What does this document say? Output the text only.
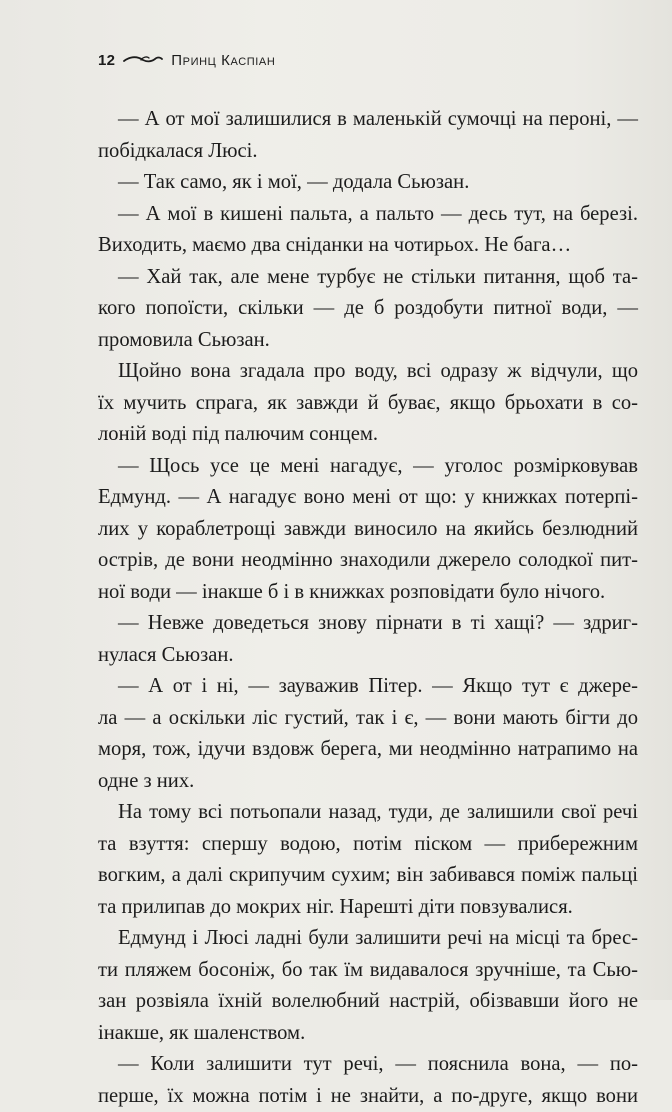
12	Принц Каспіан
— А от мої залишилися в маленькій сумочці на пероні, —
побідкалася Люсі.
— Так само, як і мої, — додала Сьюзан.
— А мої в кишені пальта, а пальто — десь тут, на березі.
Виходить, маємо два сніданки на чотирьох. Не бага…
— Хай так, але мене турбує не стільки питання, щоб та-
кого попоїсти, скільки — де б роздобути питної води, —
промовила Сьюзан.
Щойно вона згадала про воду, всі одразу ж відчули, що
їх мучить спрага, як завжди й буває, якщо брьохати в со-
лоній воді під палючим сонцем.
— Щось усе це мені нагадує, — уголос розмірковував
Едмунд. — А нагадує воно мені от що: у книжках потерпі-
лих у кораблетрощі завжди виносило на якийсь безлюдний
острів, де вони неодмінно знаходили джерело солодкої пит-
ної води — інакше б і в книжках розповідати було нічого.
— Невже доведеться знову пірнати в ті хащі? — здриг-
нулася Сьюзан.
— А от і ні, — зауважив Пітер. — Якщо тут є джере-
ла — а оскільки ліс густий, так і є, — вони мають бігти до
моря, тож, ідучи вздовж берега, ми неодмінно натрапимо на
одне з них.
На тому всі потьопали назад, туди, де залишили свої речі
та взуття: спершу водою, потім піском — прибережним
вогким, а далі скрипучим сухим; він забивався поміж пальці
та прилипав до мокрих ніг. Нарешті діти повзувалися.
Едмунд і Люсі ладні були залишити речі на місці та брес-
ти пляжем босоніж, бо так їм видавалося зручніше, та Сью-
зан розвіяла їхній волелюбний настрій, обізвавши його не
інакше, як шаленством.
— Коли залишити тут речі, — пояснила вона, — по-
перше, їх можна потім і не знайти, а по-друге, якщо вони
